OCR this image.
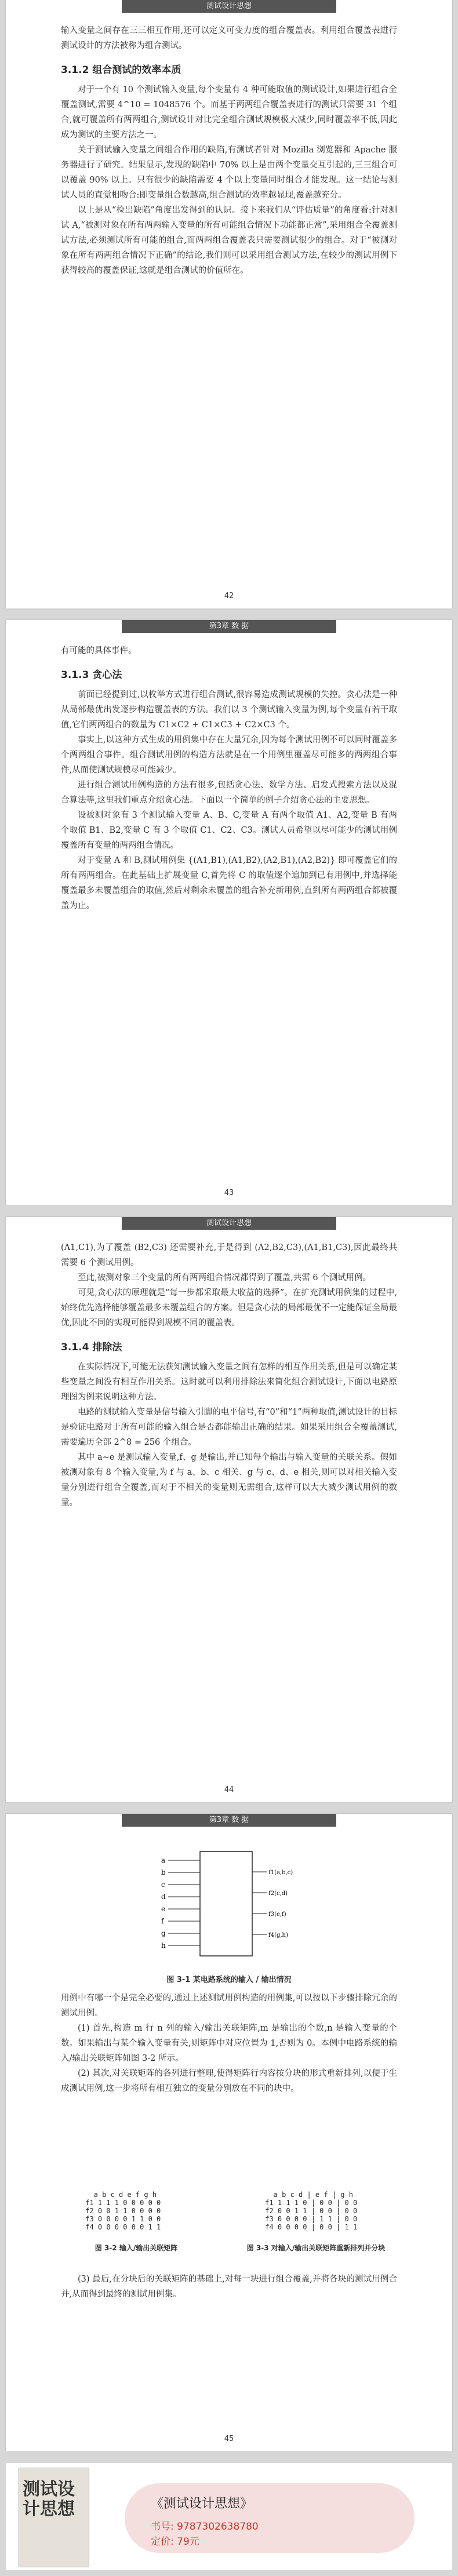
测试设计思想

输入变量之间存在三三相互作用,还可以定义可变力度的组合覆盖表。利用组合覆盖表进行测试设计的方法被称为组合测试。

3.1.2 组合测试的效率本质

对于一个有 10 个测试输入变量,每个变量有 4 种可能取值的测试设计,如果进行组合全覆盖测试,需要 4^10 = 1048576 个。而基于两两组合覆盖表进行的测试只需要 31 个组合,就可覆盖所有两两组合,测试设计对比完全组合测试规模极大减少,同时覆盖率不低,因此成为测试的主要方法之一。

关于测试输入变量之间组合作用的缺陷,有测试者针对 Mozilla 浏览器和 Apache 服务器进行了研究。结果显示,发现的缺陷中 70% 以上是由两个变量交互引起的,三三组合可以覆盖 90% 以上。只有很少的缺陷需要 4 个以上变量同时组合才能发现。这一结论与测试人员的直觉相吻合:即变量组合数越高,组合测试的效率越显现,覆盖越充分。

以上是从“检出缺陷”角度出发得到的认识。接下来我们从“评估质量”的角度看:针对测试 A,“被测对象在所有两两输入变量的所有可能组合情况下功能都正常”,采用组合全覆盖测试方法,必须测试所有可能的组合,而两两组合覆盖表只需要测试很少的组合。对于“被测对象在所有两两组合情况下正确”的结论,我们则可以采用组合测试方法,在较少的测试用例下获得较高的覆盖保证,这就是组合测试的价值所在。

42
第3章 数 据

有可能的具体事件。

3.1.3 贪心法

前面已经提到过,以枚举方式进行组合测试,很容易造成测试规模的失控。贪心法是一种从局部最优出发逐步构造覆盖表的方法。我们以 3 个测试输入变量为例,每个变量有若干取值,它们两两组合的数量为 C1×C2 + C1×C3 + C2×C3 个。

事实上,以这种方式生成的用例集中存在大量冗余,因为每个测试用例不可以同时覆盖多个两两组合事件。组合测试用例的构造方法就是在一个用例里覆盖尽可能多的两两组合事件,从而使测试规模尽可能减少。

进行组合测试用例构造的方法有很多,包括贪心法、数学方法、启发式搜索方法以及混合算法等,这里我们重点介绍贪心法。下面以一个简单的例子介绍贪心法的主要思想。

设被测对象有 3 个测试输入变量 A、B、C,变量 A 有两个取值 A1、A2,变量 B 有两个取值 B1、B2,变量 C 有 3 个取值 C1、C2、C3。测试人员希望以尽可能少的测试用例覆盖所有变量的两两组合情况。

对于变量 A 和 B,测试用例集 {(A1,B1),(A1,B2),(A2,B1),(A2,B2)} 即可覆盖它们的所有两两组合。在此基础上扩展变量 C,首先将 C 的取值逐个追加到已有用例中,并选择能覆盖最多未覆盖组合的取值,然后对剩余未覆盖的组合补充新用例,直到所有两两组合都被覆盖为止。

43
测试设计思想

(A1,C1),为了覆盖 (B2,C3) 还需要补充,于是得到 (A2,B2,C3),(A1,B1,C3),因此最终共需要 6 个测试用例。

至此,被测对象三个变量的所有两两组合情况都得到了覆盖,共需 6 个测试用例。

可见,贪心法的原理就是“每一步都采取最大收益的选择”。在扩充测试用例集的过程中,始终优先选择能够覆盖最多未覆盖组合的方案。但是贪心法的局部最优不一定能保证全局最优,因此不同的实现可能得到规模不同的覆盖表。

3.1.4 排除法

在实际情况下,可能无法获知测试输入变量之间有怎样的相互作用关系,但是可以确定某些变量之间没有相互作用关系。这时就可以利用排除法来简化组合测试设计,下面以电路原理图为例来说明这种方法。

电路的测试输入变量是信号输入引脚的电平信号,有“0”和“1”两种取值,测试设计的目标是验证电路对于所有可能的输入组合是否都能输出正确的结果。如果采用组合全覆盖测试,需要遍历全部 2^8 = 256 个组合。

其中 a~e 是测试输入变量,f、g 是输出,并已知每个输出与输入变量的关联关系。假如被测对象有 8 个输入变量,为 f 与 a、b、c 相关、g 与 c、d、e 相关,则可以对相关输入变量分别进行组合全覆盖,而对于不相关的变量则无需组合,这样可以大大减少测试用例的数量。

44
第3章 数 据
a
b
c
d
e
f
g
h
f1(a,b,c)
f2(c,d)
f3(e,f)
f4(g,h)
图 3-1 某电路系统的输入 / 输出情况

用例中有哪一个是完全必要的,通过上述测试用例构造的用例集,可以按以下步骤排除冗余的测试用例。

(1) 首先,构造 m 行 n 列的输入/输出关联矩阵,m 是输出的个数,n 是输入变量的个数。如果输出与某个输入变量有关,则矩阵中对应位置为 1,否则为 0。本例中电路系统的输入/输出关联矩阵如图 3-2 所示。

(2) 其次,对关联矩阵的各列进行整理,使得矩阵行内容按分块的形式重新排列,以便于生成测试用例,这一步将所有相互独立的变量分别放在不同的块中。

a b c d e f g h
f1 1 1 1 0 0 0 0 0
f2 0 0 1 1 0 0 0 0
f3 0 0 0 0 1 1 0 0
f4 0 0 0 0 0 0 1 1
a b c d | e f | g h
f1 1 1 1 0 | 0 0 | 0 0
f2 0 0 1 1 | 0 0 | 0 0
f3 0 0 0 0 | 1 1 | 0 0
f4 0 0 0 0 | 0 0 | 1 1
图 3-2 输入/输出关联矩阵	图 3-3 对输入/输出关联矩阵重新排列并分块

(3) 最后,在分块后的关联矩阵的基础上,对每一块进行组合覆盖,并将各块的测试用例合并,从而得到最终的测试用例集。

45
测试设计思想	《测试设计思想》
书号: 9787302638780
定价: 79元
